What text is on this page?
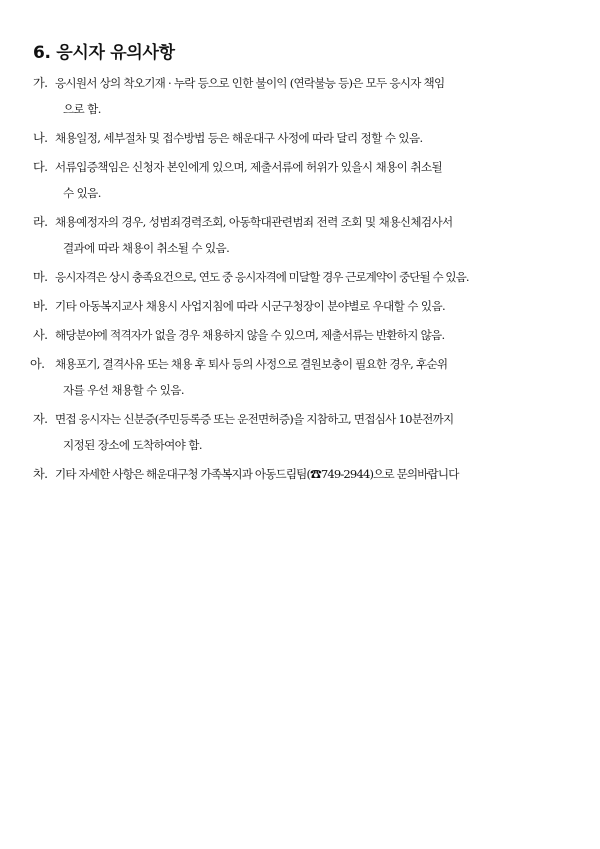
6. 응시자 유의사항
가. 응시원서 상의 착오기재 · 누락 등으로 인한 불이익 (연락불능 등)은 모두 응시자 책임
으로 함.
나. 채용일정, 세부절차 및 접수방법 등은 해운대구 사정에 따라 달리 정할 수 있음.
다. 서류입증책임은 신청자 본인에게 있으며, 제출서류에 허위가 있을시 채용이 취소될
수 있음.
라. 채용예정자의 경우, 성범죄경력조회, 아동학대관련범죄 전력 조회 및 채용신체검사서
결과에 따라 채용이 취소될 수 있음.
마. 응시자격은 상시 충족요건으로, 연도 중 응시자격에 미달할 경우 근로계약이 중단될 수 있음.
바. 기타 아동복지교사 채용시 사업지침에 따라 시군구청장이 분야별로 우대할 수 있음.
사. 해당분야에 적격자가 없을 경우 채용하지 않을 수 있으며, 제출서류는 반환하지 않음.
아. 채용포기, 결격사유 또는 채용 후 퇴사 등의 사정으로 결원보충이 필요한 경우, 후순위
자를 우선 채용할 수 있음.
자. 면접 응시자는 신분증(주민등록증 또는 운전면허증)을 지참하고, 면접심사 10분전까지
지정된 장소에 도착하여야 함.
차. 기타 자세한 사항은 해운대구청 가족복지과 아동드림팀(☎749-2944)으로 문의바랍니다
